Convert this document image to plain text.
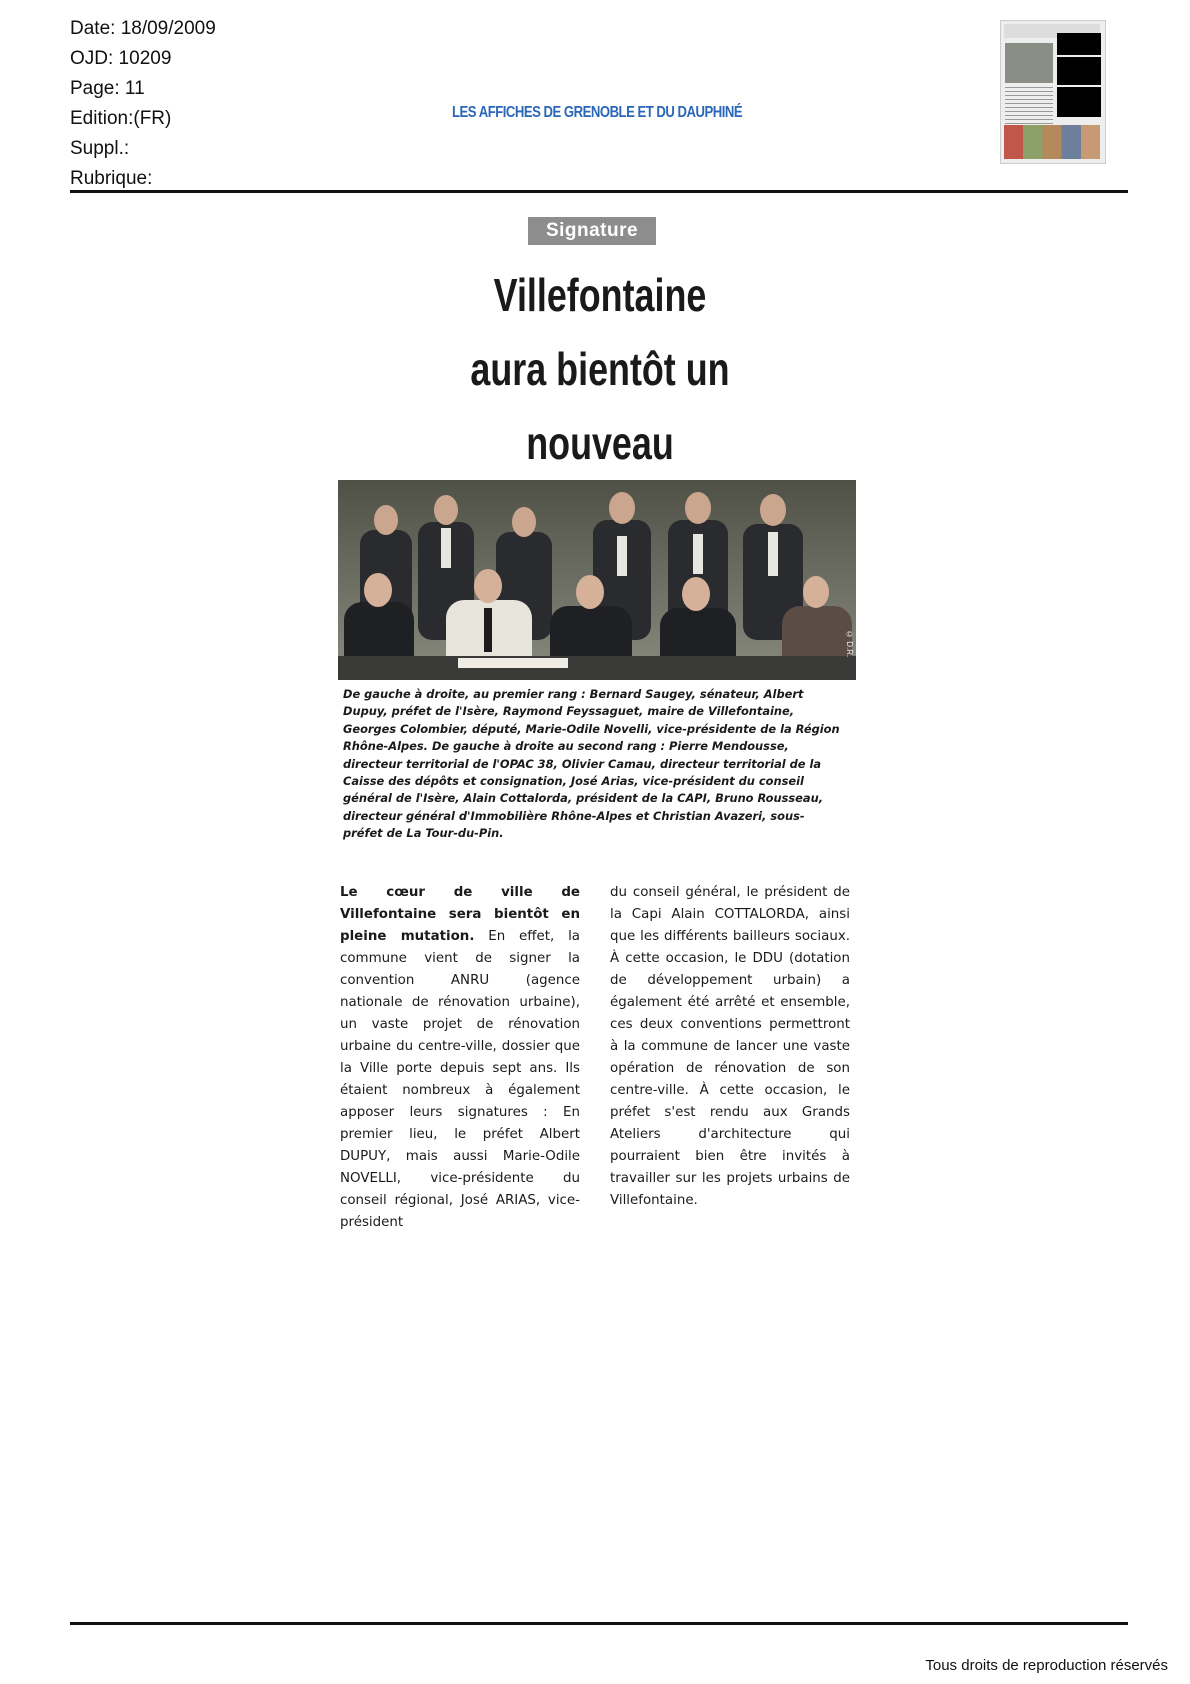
Date: 18/09/2009
OJD: 10209
Page: 11
Edition:(FR)
Suppl.:
Rubrique:
LES AFFICHES DE GRENOBLE ET DU DAUPHINÉ
Signature
Villefontaine
aura bientôt un nouveau
© D.R.
De gauche à droite, au premier rang : Bernard Saugey, sénateur, Albert Dupuy, préfet de l'Isère, Raymond Feyssaguet, maire de Villefontaine, Georges Colombier, député, Marie-Odile Novelli, vice-présidente de la Région Rhône-Alpes. De gauche à droite au second rang : Pierre Mendousse, directeur territorial de l'OPAC 38, Olivier Camau, directeur territorial de la Caisse des dépôts et consignation, José Arias, vice-président du conseil général de l'Isère, Alain Cottalorda, président de la CAPI, Bruno Rousseau, directeur général d'Immobilière Rhône-Alpes et Christian Avazeri, sous-préfet de La Tour-du-Pin.
Le cœur de ville de Villefontaine sera bientôt en pleine mutation. En effet, la commune vient de signer la convention ANRU (agence nationale de rénovation urbaine), un vaste projet de rénovation urbaine du centre-ville, dossier que la Ville porte depuis sept ans. Ils étaient nombreux à également apposer leurs signatures : En premier lieu, le préfet Albert DUPUY, mais aussi Marie-Odile NOVELLI, vice-présidente du conseil régional, José ARIAS, vice-président
du conseil général, le président de la Capi Alain COTTALORDA, ainsi que les différents bailleurs sociaux. À cette occasion, le DDU (dotation de développement urbain) a également été arrêté et ensemble, ces deux conventions permettront à la commune de lancer une vaste opération de rénovation de son centre-ville. À cette occasion, le préfet s'est rendu aux Grands Ateliers d'architecture qui pourraient bien être invités à travailler sur les projets urbains de Villefontaine.
Tous droits de reproduction réservés
